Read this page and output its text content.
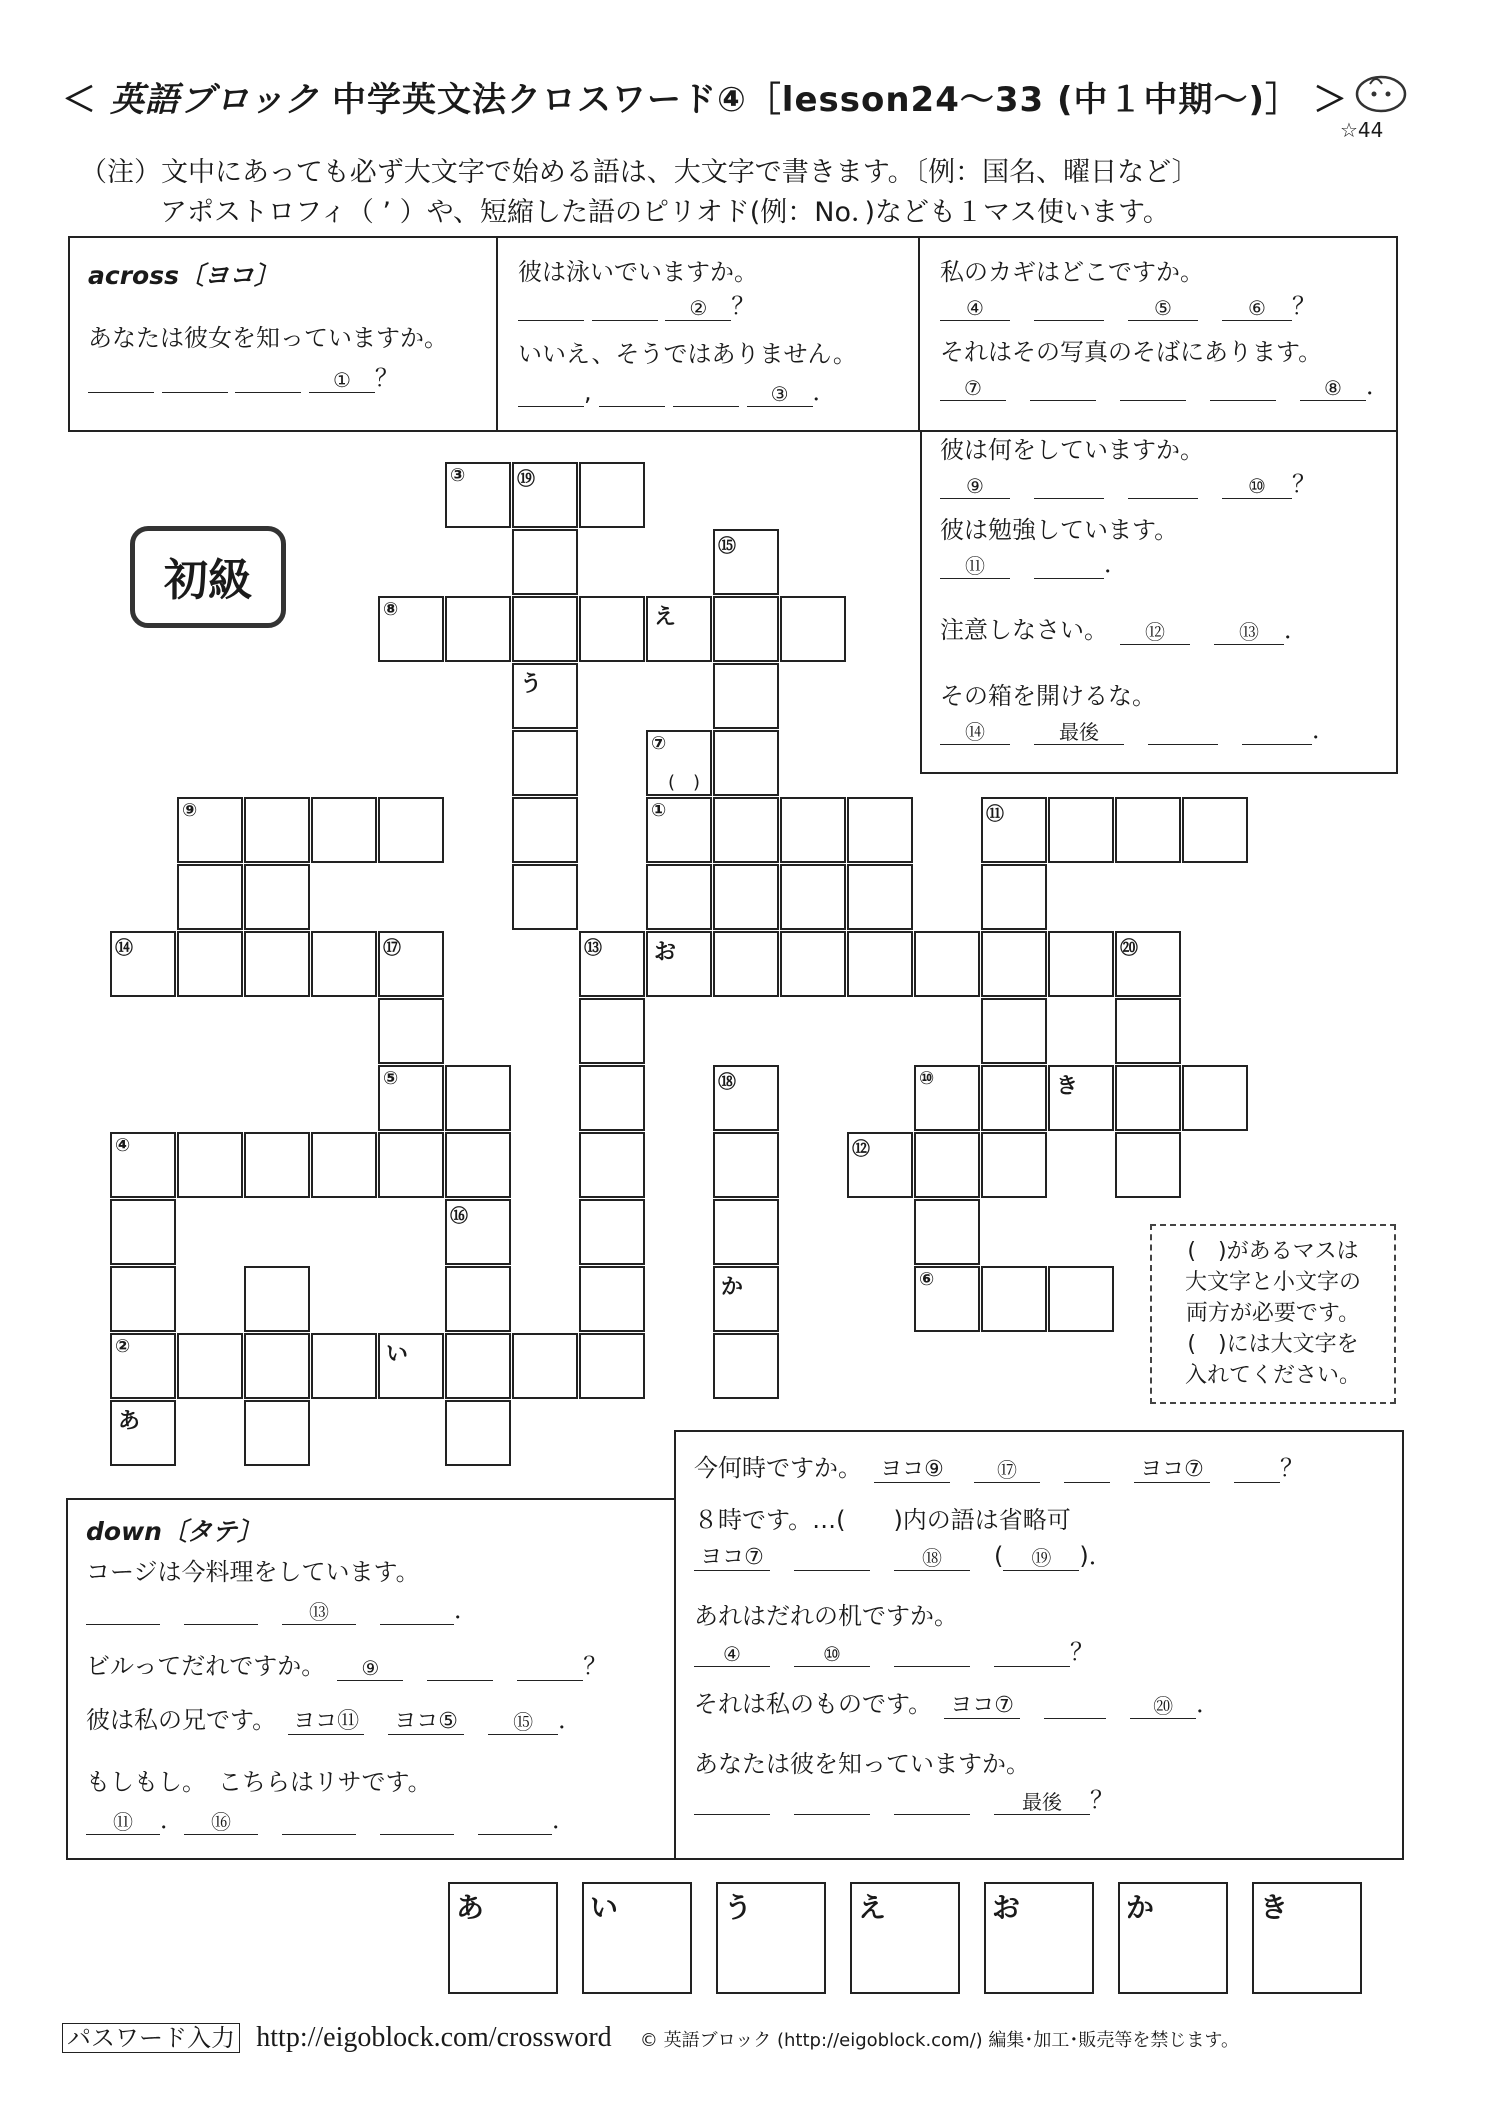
＜ 英語ブロック 中学英文法クロスワード④［lesson24～33 (中１中期～)］ ＞
☆44
（注）文中にあっても必ず大文字で始める語は、大文字で書きます。〔例：国名、曜日など〕
アポストロフィ（ ’ ）や、短縮した語のピリオド(例：No．)なども１マス使います。
across〔ヨコ〕
あなたは彼女を知っていますか。
① ？
彼は泳いでいますか。
② ？
いいえ、そうではありません。
,	③ ．
私のカギはどこですか。
④　　	⑤　	⑥ ？
それはその写真のそばにあります。
⑦　　　　	⑧ ．
彼は何をしていますか。
⑨　　　	⑩ ？
彼は勉強しています。
⑪　	．
注意しなさい。　 ⑫　	⑬ ．
その箱を開けるな。
⑭　	最後　　	．
初級
③	⑲
⑮
⑧	え
う
⑦
(　)
⑨	①	⑪
⑭	⑰	⑬ お	⑳
⑤	⑱	⑩	き
④	⑫
⑯
か	⑥
②	い
あ
(　)があるマスは
大文字と小文字の
両方が必要です。
(　)には大文字を
入れてください。
down〔タテ〕
コージは今料理をしています。
　　⑬　	．
ビルってだれですか。　 ⑨　　	？
彼は私の兄です。　 ヨコ⑪　 ヨコ⑤　	⑮ ．
もしもし。　こちらはリサです。
⑪ ． ⑯　　　	．
今何時ですか。　 ヨコ⑨　	⑰　　	ヨコ⑦　	？
８時です。…(　　)内の語は省略可
ヨコ⑦　　	⑱　( ⑲ )．
あれはだれの机ですか。
④　	⑩　　	？
それは私のものです。　 ヨコ⑦　　	⑳ ．
あなたは彼を知っていますか。
　　　最後 ？
あ	い	う	え	お	か	き
パスワード入力 http://eigoblock.com/crossword © 英語ブロック (http://eigoblock.com/) 編集･加工･販売等を禁じます。
